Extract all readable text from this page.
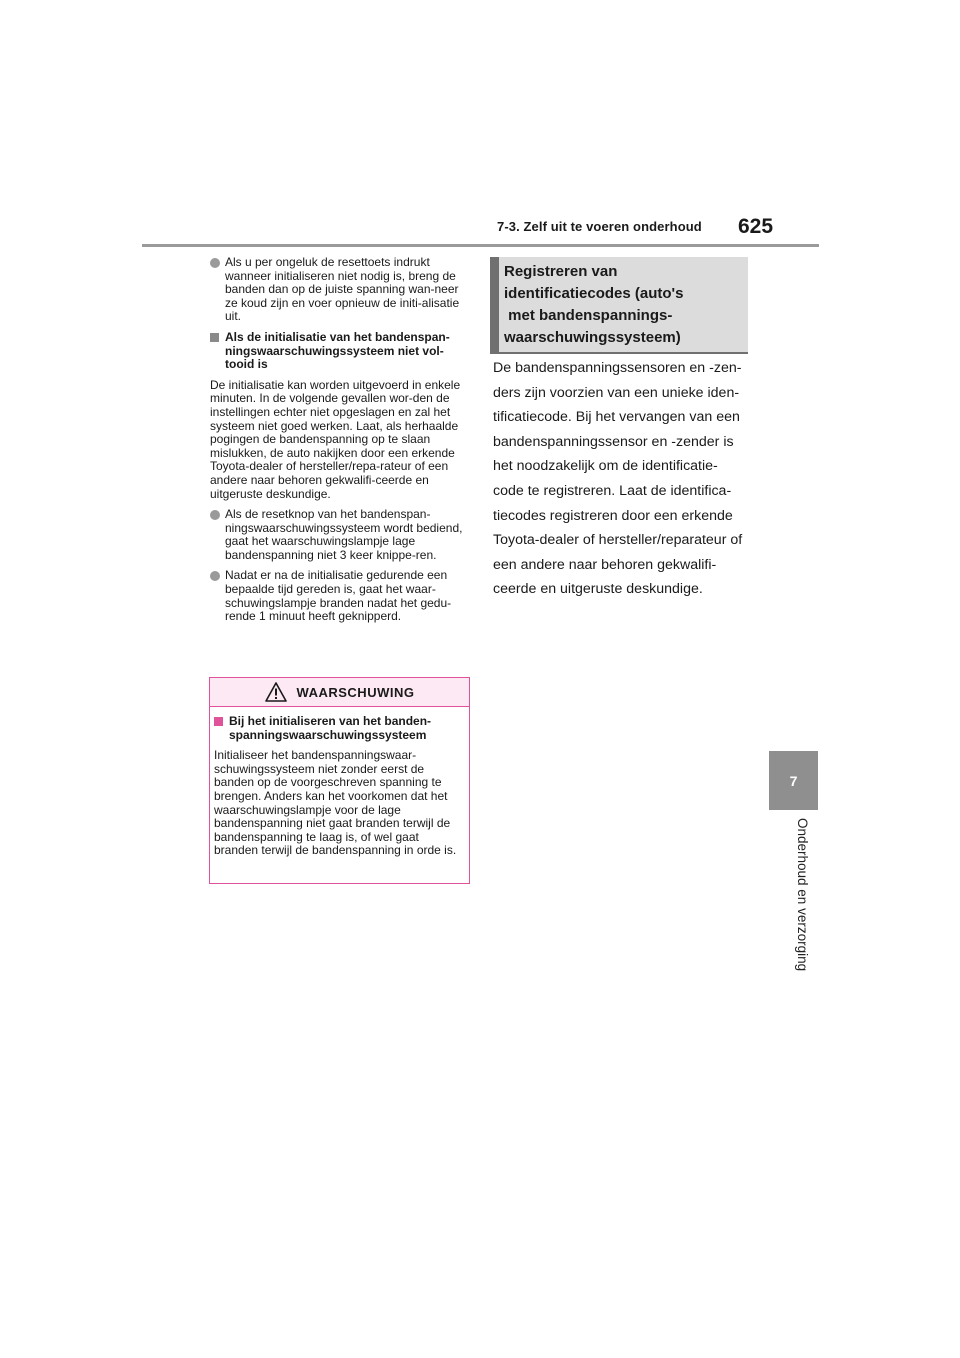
7-3. Zelf uit te voeren onderhoud 625
7
Onderhoud en verzorging
Als u per ongeluk de resettoets indrukt wanneer initialiseren niet nodig is, breng de banden dan op de juiste spanning wan-neer ze koud zijn en voer opnieuw de initi-alisatie uit.
Als de initialisatie van het bandenspan-ningswaarschuwingssysteem niet vol-tooid is
De initialisatie kan worden uitgevoerd in enkele minuten. In de volgende gevallen wor-den de instellingen echter niet opgeslagen en zal het systeem niet goed werken. Laat, als herhaalde pogingen de bandenspanning op te slaan mislukken, de auto nakijken door een erkende Toyota-dealer of hersteller/repa-rateur of een andere naar behoren gekwalifi-ceerde en uitgeruste deskundige.
Als de resetknop van het bandenspan-ningswaarschuwingssysteem wordt bediend, gaat het waarschuwingslampje lage bandenspanning niet 3 keer knippe-ren.
Nadat er na de initialisatie gedurende een bepaalde tijd gereden is, gaat het waar-schuwingslampje branden nadat het gedu-rende 1 minuut heeft geknipperd.
WAARSCHUWING
Bij het initialiseren van het banden-spanningswaarschuwingssysteem
Initialiseer het bandenspanningswaar-schuwingssysteem niet zonder eerst de banden op de voorgeschreven spanning te brengen. Anders kan het voorkomen dat het waarschuwingslampje voor de lage bandenspanning niet gaat branden terwijl de bandenspanning te laag is, of wel gaat branden terwijl de bandenspanning in orde is.
Registreren van
identificatiecodes (auto's
met bandenspannings-
waarschuwingssysteem)
De bandenspanningssensoren en -zen-
ders zijn voorzien van een unieke iden-
tificatiecode. Bij het vervangen van een
bandenspanningssensor en -zender is
het noodzakelijk om de identificatie-
code te registreren. Laat de identifica-
tiecodes registreren door een erkende
Toyota-dealer of hersteller/reparateur of
een andere naar behoren gekwalifi-
ceerde en uitgeruste deskundige.
